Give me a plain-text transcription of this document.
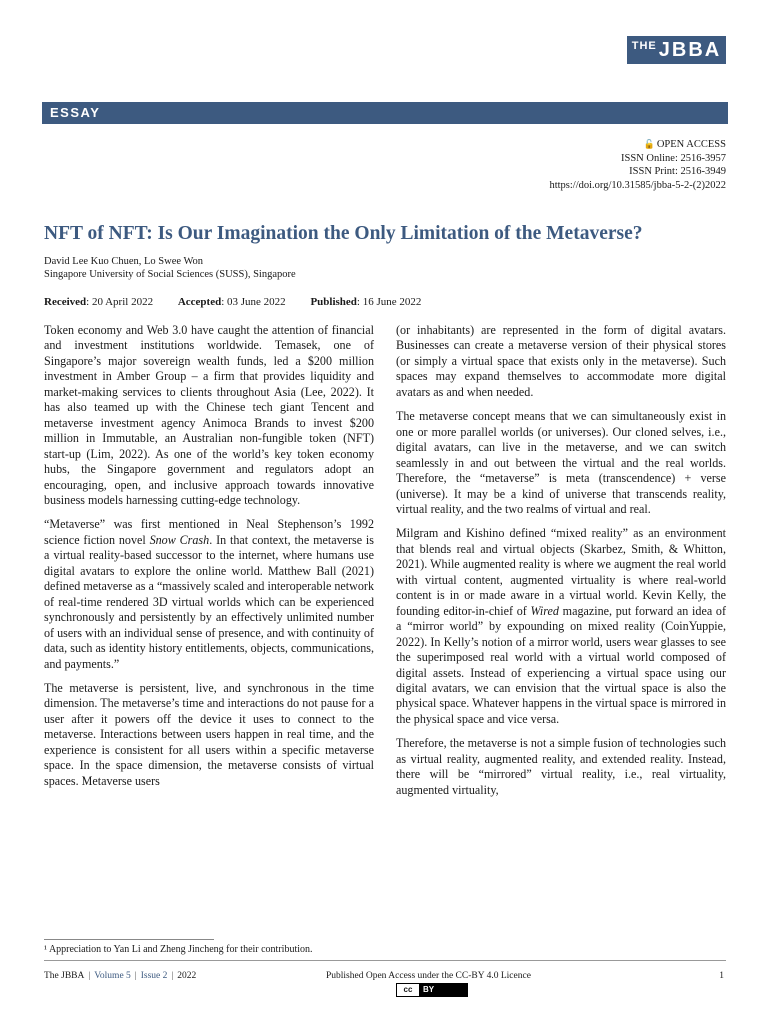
THE JBBA
ESSAY
🔓 OPEN ACCESS
ISSN Online: 2516-3957
ISSN Print: 2516-3949
https://doi.org/10.31585/jbba-5-2-(2)2022
NFT of NFT: Is Our Imagination the Only Limitation of the Metaverse?
David Lee Kuo Chuen, Lo Swee Won
Singapore University of Social Sciences (SUSS), Singapore
Received: 20 April 2022 Accepted: 03 June 2022 Published: 16 June 2022

Token economy and Web 3.0 have caught the attention of financial and investment institutions worldwide. Temasek, one of Singapore’s major sovereign wealth funds, led a $200 million investment in Amber Group – a firm that provides liquidity and market-making services to clients throughout Asia (Lee, 2022). It has also teamed up with the Chinese tech giant Tencent and metaverse investment agency Animoca Brands to invest $200 million in Immutable, an Australian non-fungible token (NFT) start-up (Lim, 2022). As one of the world’s key token economy hubs, the Singapore government and regulators adopt an encouraging, open, and inclusive approach towards innovative business models harnessing cutting-edge technology.

“Metaverse” was first mentioned in Neal Stephenson’s 1992 science fiction novel Snow Crash. In that context, the metaverse is a virtual reality-based successor to the internet, where humans use digital avatars to explore the online world. Matthew Ball (2021) defined metaverse as a “massively scaled and interoperable network of real-time rendered 3D virtual worlds which can be experienced synchronously and persistently by an effectively unlimited number of users with an individual sense of presence, and with continuity of data, such as identity history entitlements, objects, communications, and payments.”

The metaverse is persistent, live, and synchronous in the time dimension. The metaverse’s time and interactions do not pause for a user after it powers off the device it uses to connect to the metaverse. Interactions between users happen in real time, and the experience is consistent for all users within a specific metaverse space. In the space dimension, the metaverse consists of virtual spaces. Metaverse users

(or inhabitants) are represented in the form of digital avatars. Businesses can create a metaverse version of their physical stores (or simply a virtual space that exists only in the metaverse). Such spaces may expand themselves to accommodate more digital avatars as and when needed.

The metaverse concept means that we can simultaneously exist in one or more parallel worlds (or universes). Our cloned selves, i.e., digital avatars, can live in the metaverse, and we can switch seamlessly in and out between the virtual and the real worlds. Therefore, the “metaverse” is meta (transcendence) + verse (universe). It may be a kind of universe that transcends reality, virtual reality, and the two realms of virtual and real.

Milgram and Kishino defined “mixed reality” as an environment that blends real and virtual objects (Skarbez, Smith, & Whitton, 2021). While augmented reality is where we augment the real world with virtual content, augmented virtuality is where real-world content is in or made aware in a virtual world. Kevin Kelly, the founding editor-in-chief of Wired magazine, put forward an idea of a “mirror world” by expounding on mixed reality (CoinYuppie, 2022). In Kelly’s notion of a mirror world, users wear glasses to see the superimposed real world with a virtual world composed of digital assets. Instead of experiencing a virtual space using our digital avatars, we can envision that the virtual space is also the physical space. Whatever happens in the virtual space is mirrored in the physical space and vice versa.

Therefore, the metaverse is not a simple fusion of technologies such as virtual reality, augmented reality, and extended reality. Instead, there will be “mirrored” virtual reality, i.e., real virtuality, augmented virtuality,

¹ Appreciation to Yan Li and Zheng Jincheng for their contribution.
The JBBA | Volume 5 | Issue 2 | 2022	Published Open Access under the CC-BY 4.0 Licence	1
cc	BY
